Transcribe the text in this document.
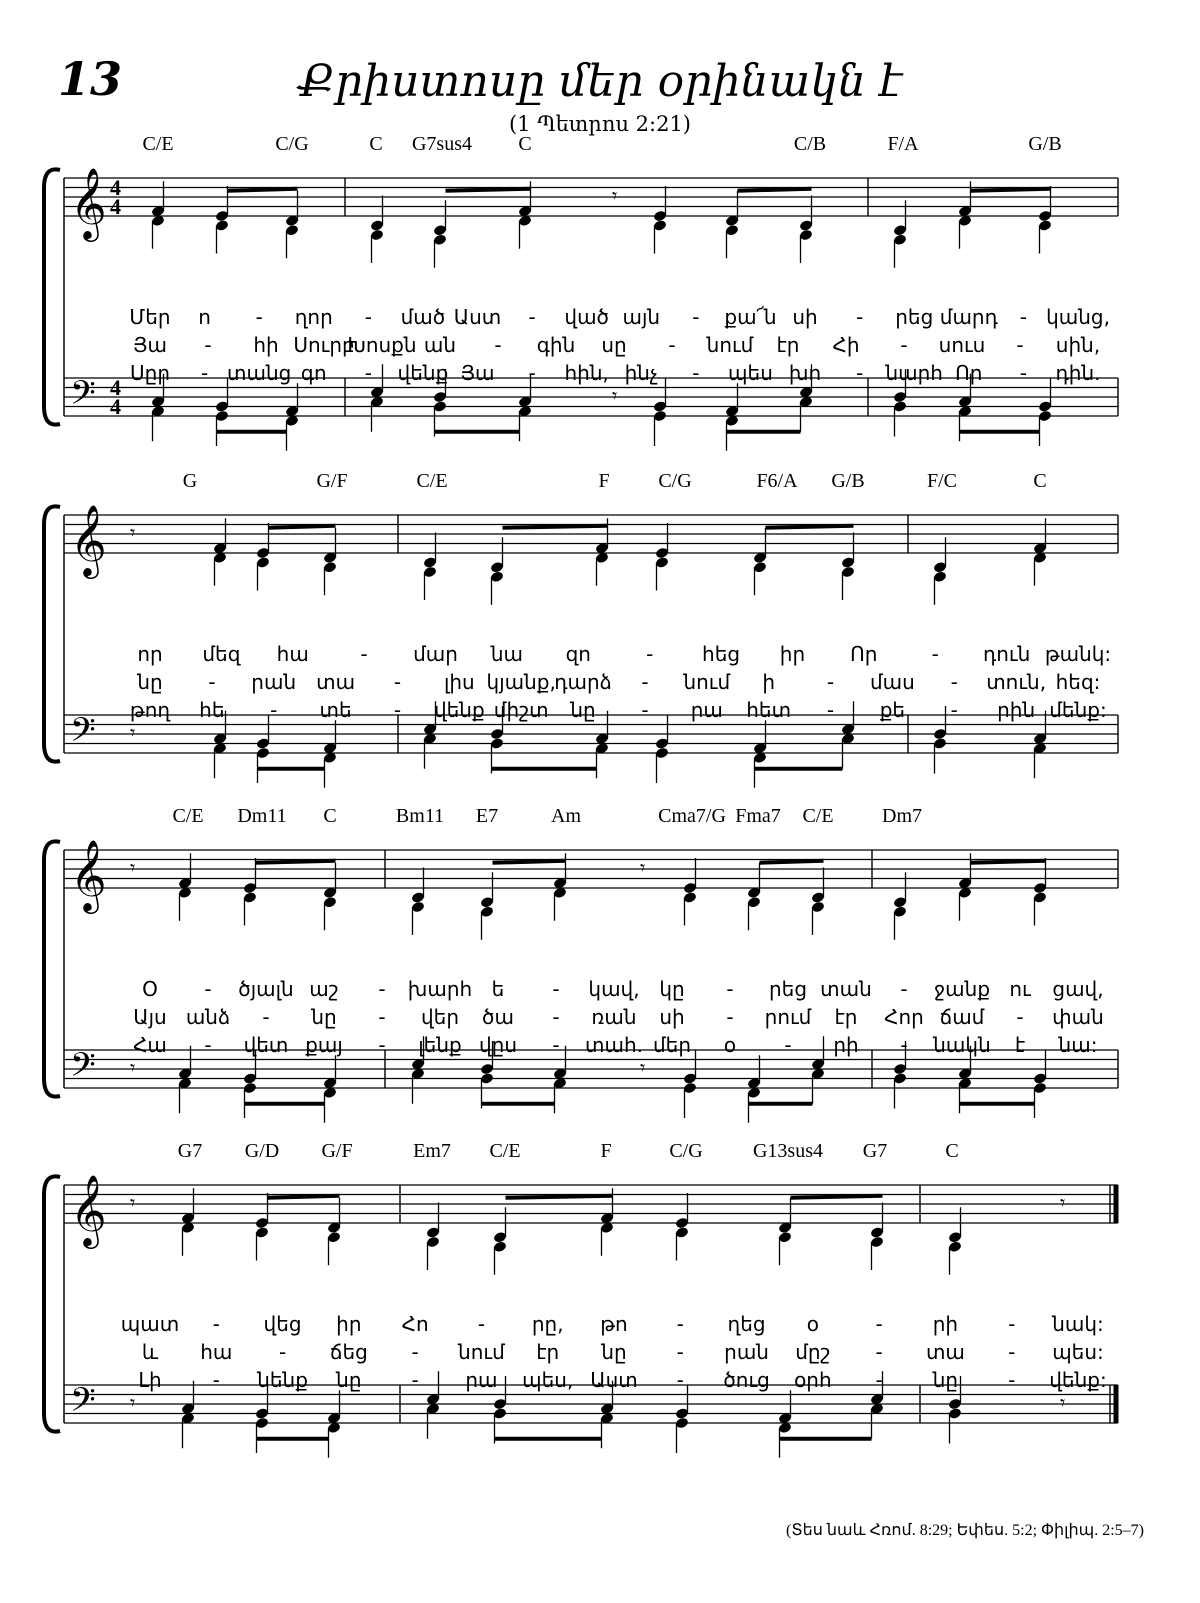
13	Քրիստոսը մեր օրինակն է
(1 Պետրոս 2:21)
𝄞
𝄢
4
4
4
4
𝄾
𝄾
C/E	C/G	C G7sus4 C	C/B	F/A	G/B
Մեր ո - ղոր - մած Աստ - ված այն - քա՜ն սի - րեց մարդ - կանց,
Յա - հի Սուրբ
Խոսքն ան - գին սը - նում էր Հի - սուս - սին,
Սըր - տանց գո - վենք Յա - հին, ինչ - պես խո - նարհ Որ - դին.
𝄞
𝄢
𝄾
𝄾
G	G/F	C/E	F C/G	F6/A G/B	F/C	C
որ մեզ հա	- մար նա զո	- հեց իր Որ	- դուն թանկ:
նը - րան տա - լիս կյանք,
դարձ - նում ի	- մաս - տուն, հեզ:
թող հե - տե - վենք միշտ նը - րա հետ - քե - րին մենք:
𝄞
𝄢
𝄾
𝄾
𝄾
𝄾
C/E Dm11 C	Bm11 E7	Am	Cma7/G Fma7 C/E Dm7
Օ - ծյալն աշ - խարհ ե - կավ, կը - րեց տան - ջանք ու ցավ,
Այս անձ - նը - վեր ծա - ռան սի - րում էր Հոր ճամ - փան
Հա - վետ քայ - լենք վըս - տահ. մեր օ - րի - նակն է նա:
𝄞
𝄢
𝄾
𝄾
𝄾
𝄾
G7 G/D G/F	Em7 C/E	F	C/G	G13sus4 G7	C
պատ - վեց իր Հո - րը, թո - ղեց օ	- րի - նակ:
և հա - ճեց - նում էր նը - րան մըշ - տա - պես:
Լի	- նենք նը - րա պես, Աստ - ծուց օրհ - նը - վենք:
(Տես նաև Հռոմ. 8:29; Եփես. 5:2; Փիլիպ. 2:5–7)
